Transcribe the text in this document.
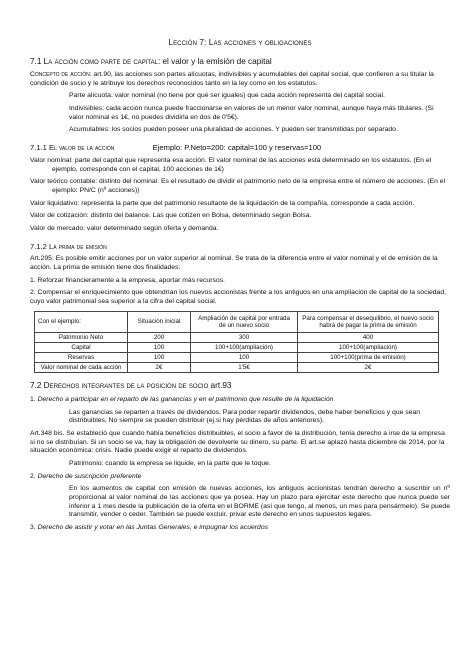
Lección 7: Las acciones y obligaciones
7.1 La acción como parte de capital: el valor y la emisión de capital

Concepto de acción: art.90, las acciones son partes alícuotas, indivisibles y acumulables del capital social, que confieren a su titular la condición de socio y le atribuye los derechos reconocidos tanto en la ley como en los estatutos.

Parte alícuota: valor nominal (no tiene por qué ser iguales) que cada acción representa del capital social.

Indivisibles: cada acción nunca puede fraccionarse en valores de un menor valor nominal, aunque haya más titulares. (Si valor nominal es 1€, no puedes dividirla en dos de 0'5€).

Acumulables: los socios pueden poseer una pluralidad de acciones. Y pueden ser transmitidas por separado.

7.1.1 El valor de la acción	Ejemplo: P.Neto=200: capital=100 y reservas=100

Valor nominal: parte del capital que representa esa acción. El valor nominal de las acciones está determinado en los estatutos. (En el ejemplo, corresponde con el capital, 100 acciones de 1€)

Valor teórico contable: distinto del nominal. Es el resultado de dividir el patrimonio neto de la empresa entre el número de acciones. (En el ejemplo: PN/C (nº acciones))

Valor liquidativo: representa la parte que del patrimonio resultante de la liquidación de la compañía, corresponde a cada acción.

Valor de cotización: distinto del balance. Las que cotizen en Bolsa, determinado según Bolsa.

Valor de mercado: valor determinado según oferta y demanda.

7.1.2 La prima de emisión

Art.295: Es posible emitir acciones por un valor superior al nominal. Se trata de la diferencia entre el valor nominal y el de emisión de la acción. La prima de emisión tiene dos finalidades:

1. Reforzar financieramente a la empresa, aportar más recursos.

2. Compensar el enriquecimiento que obtendrían los nuevos accionistas frente a los antiguos en una ampliación de capital de la sociedad, cuyo valor patrimonial sea superior a la cifra del capital social.

Con el ejemplo:	Situación inicial	Ampliación de capital por entrada de un nuevo socio	Para compensar el desequilibrio, el nuevo socio habrá de pagar la prima de emisión
Patrimonio Neto	200	300	400
Capital	100	100+100(ampliación)	100+100(ampliación)
Reservas	100	100	100+100(prima de emisión)
Valor nominal de cada acción	2€	1'5€	2€
7.2 Derechos integrantes de la posición de socio art.93

1. Derecho a participar en el reparto de las ganancias y en el patrimonio que resulte de la liquidación

Las ganancias se reparten a través de dividendos. Para poder repartir dividendos, debe haber beneficios y que sean distribuibles. No siempre se pueden distribuir (ej.si hay pérdidas de años anteriores).

Art.348 bis. Se estableció que cuando había beneficios distribuibles, el socio a favor de la distribución, tenía derecho a irse de la empresa si no se distribuían. Si un socio se va, hay la obligación de devolverle su dinero, su parte. El art.se aplazó hasta diciembre de 2014, por la situación económica: crisis. Nadie puede exigir el reparto de dividendos.

Patrimonio: cuando la empresa se liquide, en la parte que le toque.

2. Derecho de suscripción preferente

En los aumentos de capital con emisión de nuevas acciones, los antiguos accionistas tendrán derecho a suscribir un nº proporcional al valor nominal de las acciones que ya posea. Hay un plazo para ejercitar este derecho que nunca puede ser inferior a 1 mes desde la publicación de la oferta en el BORME (así que tengo, al menos, un mes para pensármelo). Se puede transmitir, vender o ceder. También se puede excluir, privar este derecho en unos supuestos legales.

3. Derecho de asistir y votar en las Juntas Generales, e impugnar los acuerdos
